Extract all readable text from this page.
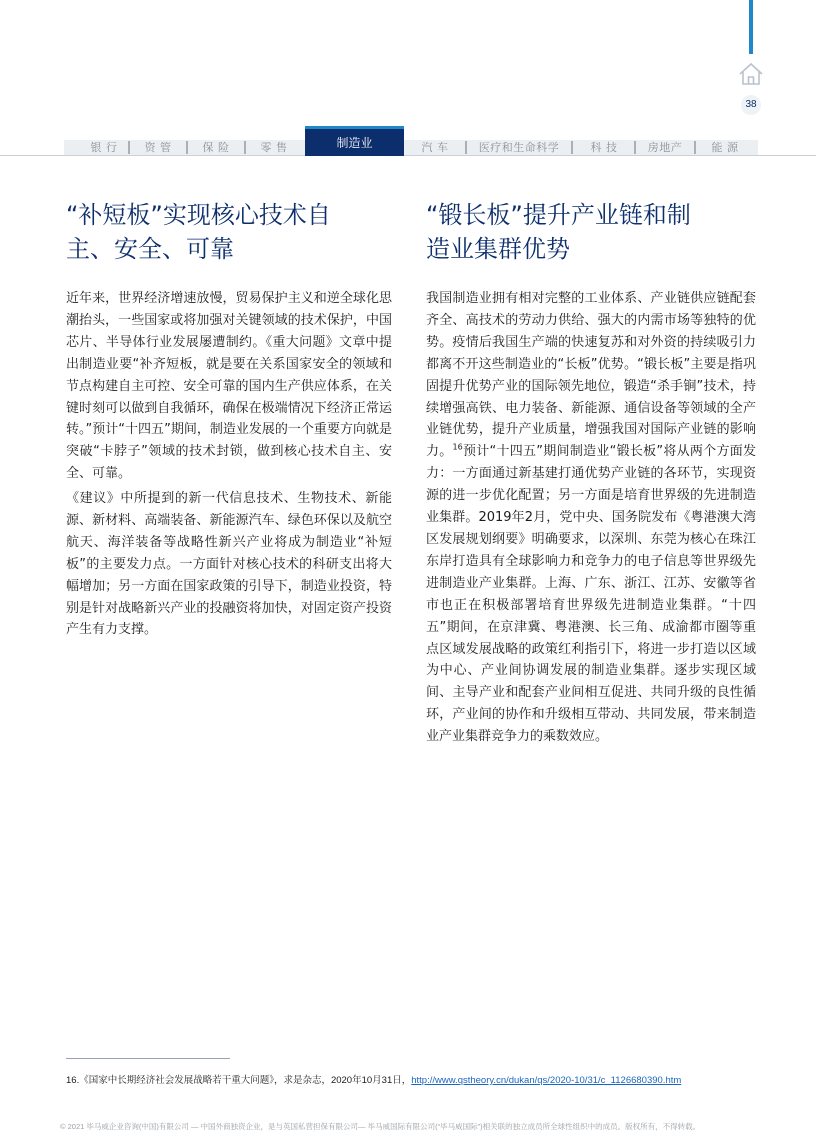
38
银 行	资 管	保 险	零 售	制造业	汽 车	医疗和生命科学	科 技	房地产	能 源
“补短板”实现核心技术自
主、安全、可靠
“锻长板”提升产业链和制
造业集群优势

近年来，世界经济增速放慢，贸易保护主义和逆全球化思潮抬头，一些国家或将加强对关键领域的技术保护，中国芯片、半导体行业发展屡遭制约。《重大问题》文章中提出制造业要“补齐短板，就是要在关系国家安全的领域和节点构建自主可控、安全可靠的国内生产供应体系，在关键时刻可以做到自我循环，确保在极端情况下经济正常运转。”预计“十四五”期间，制造业发展的一个重要方向就是突破“卡脖子”领域的技术封锁，做到核心技术自主、安全、可靠。

《建议》中所提到的新一代信息技术、生物技术、新能源、新材料、高端装备、新能源汽车、绿色环保以及航空航天、海洋装备等战略性新兴产业将成为制造业“补短板”的主要发力点。一方面针对核心技术的科研支出将大幅增加；另一方面在国家政策的引导下，制造业投资，特别是针对战略新兴产业的投融资将加快，对固定资产投资产生有力支撑。

我国制造业拥有相对完整的工业体系、产业链供应链配套齐全、高技术的劳动力供给、强大的内需市场等独特的优势。疫情后我国生产端的快速复苏和对外资的持续吸引力都离不开这些制造业的“长板”优势。“锻长板”主要是指巩固提升优势产业的国际领先地位，锻造“杀手锏”技术，持续增强高铁、电力装备、新能源、通信设备等领域的全产业链优势，提升产业质量，增强我国对国际产业链的影响力。$^{16}$预计“十四五”期间制造业“锻长板”将从两个方面发力：一方面通过新基建打通优势产业链的各环节，实现资源的进一步优化配置；另一方面是培育世界级的先进制造业集群。2019年2月，党中央、国务院发布《粤港澳大湾区发展规划纲要》明确要求，以深圳、东莞为核心在珠江东岸打造具有全球影响力和竞争力的电子信息等世界级先进制造业产业集群。上海、广东、浙江、江苏、安徽等省市也正在积极部署培育世界级先进制造业集群。“十四五”期间，在京津冀、粤港澳、长三角、成渝都市圈等重点区域发展战略的政策红利指引下，将进一步打造以区域为中心、产业间协调发展的制造业集群。逐步实现区域间、主导产业和配套产业间相互促进、共同升级的良性循环，产业间的协作和升级相互带动、共同发展，带来制造业产业集群竞争力的乘数效应。

16.《国家中长期经济社会发展战略若干重大问题》，求是杂志，2020年10月31日，http://www.qstheory.cn/dukan/qs/2020-10/31/c_1126680390.htm
© 2021 毕马威企业咨询(中国)有限公司 — 中国外商独资企业，是与英国私营担保有限公司— 毕马威国际有限公司(“毕马威国际”)相关联的独立成员所全球性组织中的成员。版权所有，不得转载。
